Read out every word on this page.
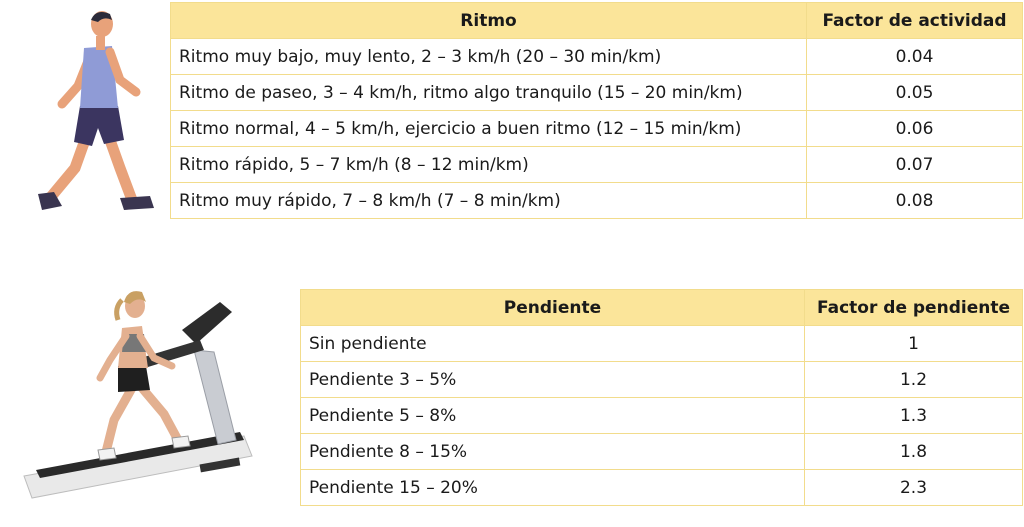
Ritmo	Factor de actividad
Ritmo muy bajo, muy lento, 2 – 3 km/h (20 – 30 min/km)	0.04
Ritmo de paseo, 3 – 4 km/h, ritmo algo tranquilo (15 – 20 min/km)	0.05
Ritmo normal, 4 – 5 km/h, ejercicio a buen ritmo (12 – 15 min/km)	0.06
Ritmo rápido, 5 – 7 km/h (8 – 12 min/km)	0.07
Ritmo muy rápido, 7 – 8 km/h (7 – 8 min/km)	0.08
Pendiente	Factor de pendiente
Sin pendiente	1
Pendiente 3 – 5%	1.2
Pendiente 5 – 8%	1.3
Pendiente 8 – 15%	1.8
Pendiente 15 – 20%	2.3
